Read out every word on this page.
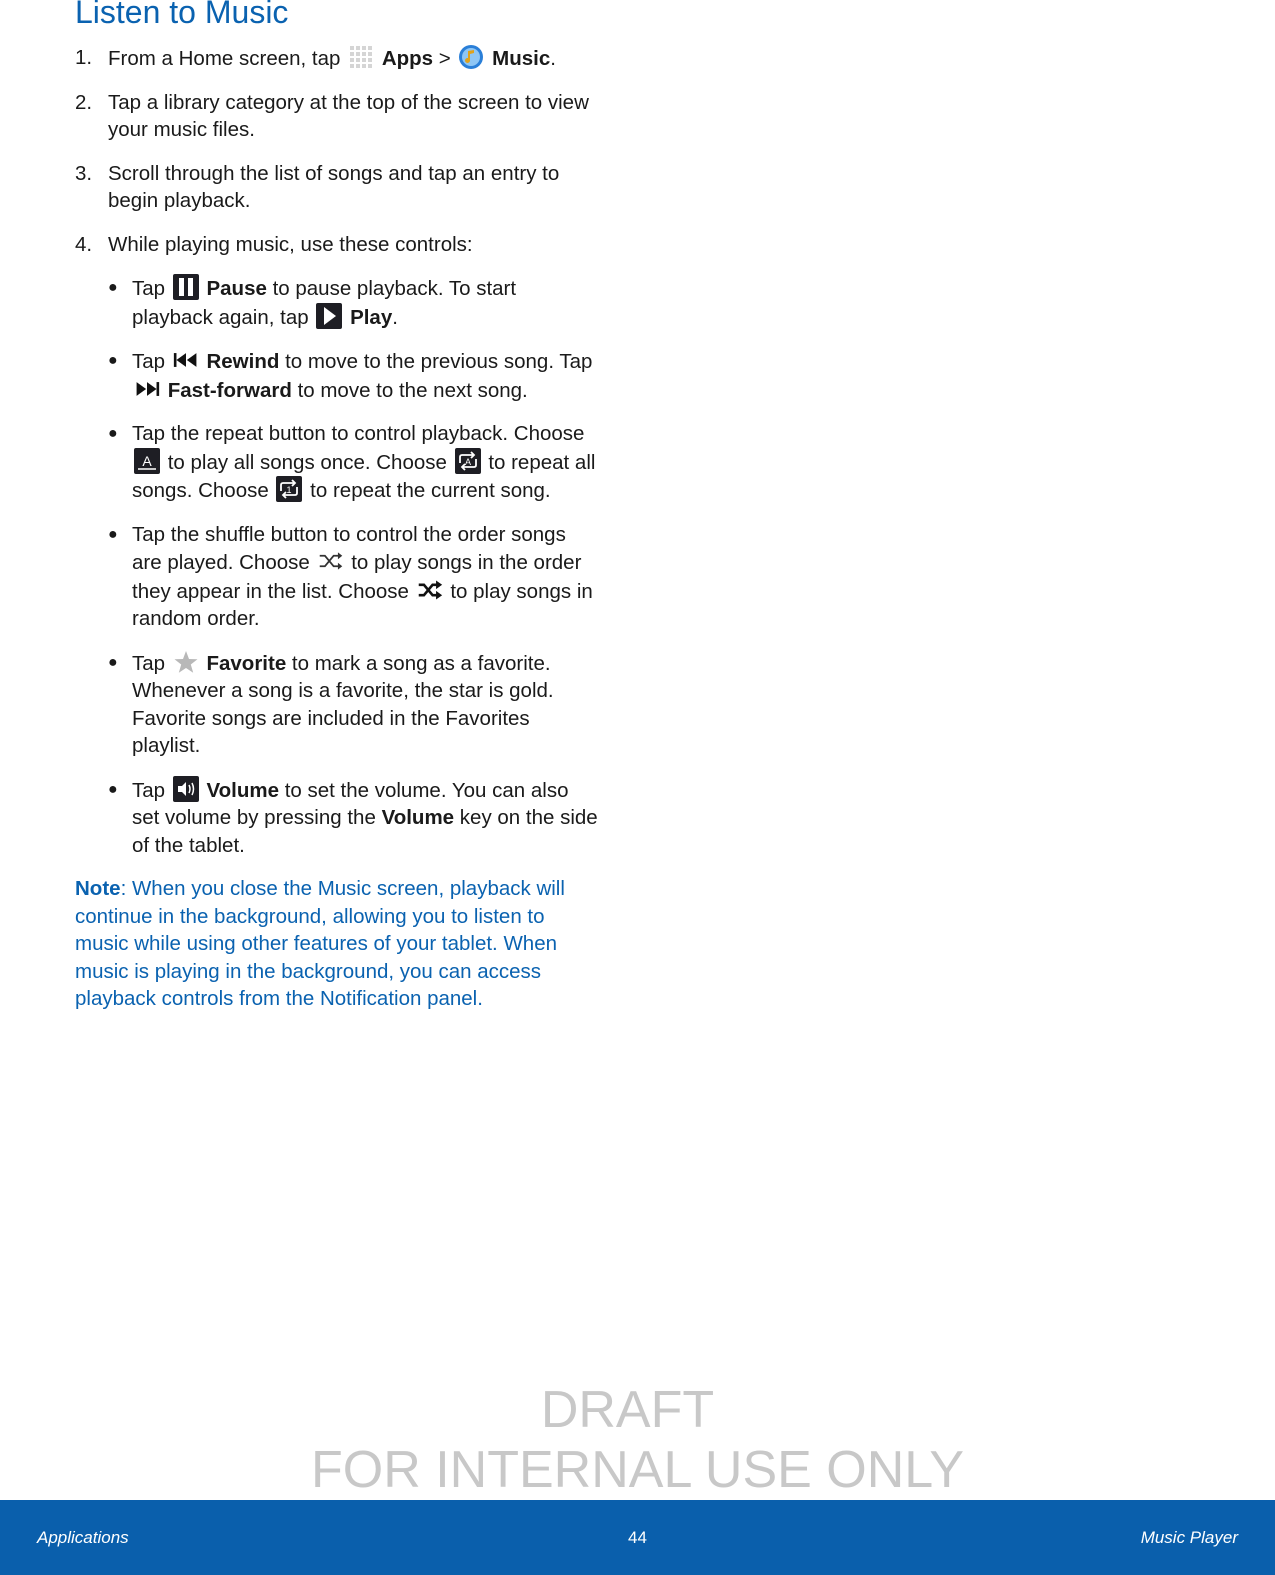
Listen to Music
1. From a Home screen, tap Apps > Music.
2. Tap a library category at the top of the screen to view your music files.
3. Scroll through the list of songs and tap an entry to begin playback.
4. While playing music, use these controls:
● Tap Pause to pause playback. To start playback again, tap Play.
● Tap Rewind to move to the previous song. Tap
Fast-forward to move to the next song.
● Tap the repeat button to control playback. Choose
A to play all songs once. Choose A to repeat all songs. Choose 1 to repeat the current song.
● Tap the shuffle button to control the order songs are played. Choose to play songs in the order they appear in the list. Choose to play songs in random order.
● Tap Favorite to mark a song as a favorite. Whenever a song is a favorite, the star is gold. Favorite songs are included in the Favorites playlist.
● Tap Volume to set the volume. You can also set volume by pressing the Volume key on the side of the tablet.

Note: When you close the Music screen, playback will continue in the background, allowing you to listen to music while using other features of your tablet. When music is playing in the background, you can access playback controls from the Notification panel.

DRAFT
FOR INTERNAL USE ONLY
Applications	44	Music Player
